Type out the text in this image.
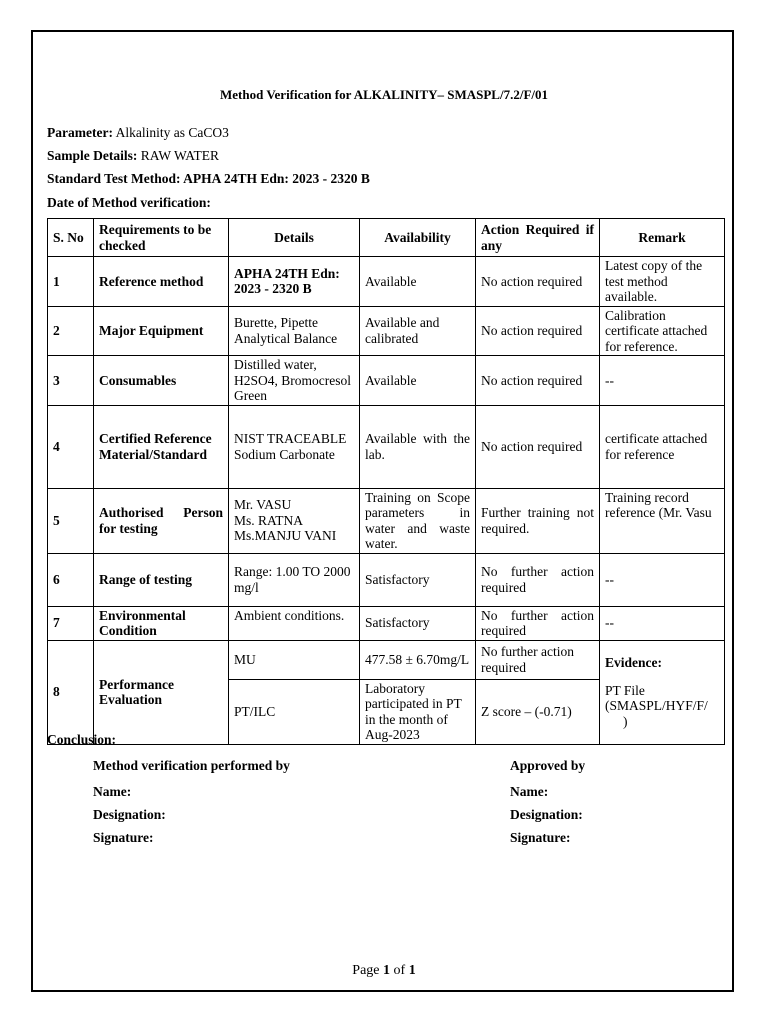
Method Verification for ALKALINITY– SMASPL/7.2/F/01
Parameter: Alkalinity as CaCO3
Sample Details: RAW WATER
Standard Test Method: APHA 24TH Edn: 2023 - 2320 B
Date of Method verification:
S. No	Requirements to be checked	Details	Availability	Action Required if any	Remark
1	Reference method	APHA 24TH Edn: 2023 - 2320 B	Available	No action required	Latest copy of the test method available.
2	Major Equipment	Burette, Pipette Analytical Balance	Available and calibrated	No action required	Calibration certificate attached for reference.
3	Consumables	Distilled water, H2SO4, Bromocresol Green	Available	No action required	--
4	Certified Reference Material/Standard	NIST TRACEABLE Sodium Carbonate	Available with the lab.	No action required	certificate attached for reference
5	Authorised Person for testing	Mr. VASU
Ms. RATNA
Ms.MANJU VANI	Training on Scope parameters in water and waste water.	Further training not required.	Training record reference (Mr. Vasu
6	Range of testing	Range: 1.00 TO 2000 mg/l	Satisfactory	No further action required	--
7	Environmental Condition	Ambient conditions.	Satisfactory	No further action required	--
8	Performance Evaluation	MU	477.58 ± 6.70mg/L	No further action required	Evidence:
PT File (SMASPL/HYF/F/
)

		PT/ILC	Laboratory participated in PT in the month of Aug-2023	Z score – (-0.71)	
Conclusion:
Method verification performed by
Name:
Designation:
Signature:
Approved by
Name:
Designation:
Signature:
Page 1 of 1
